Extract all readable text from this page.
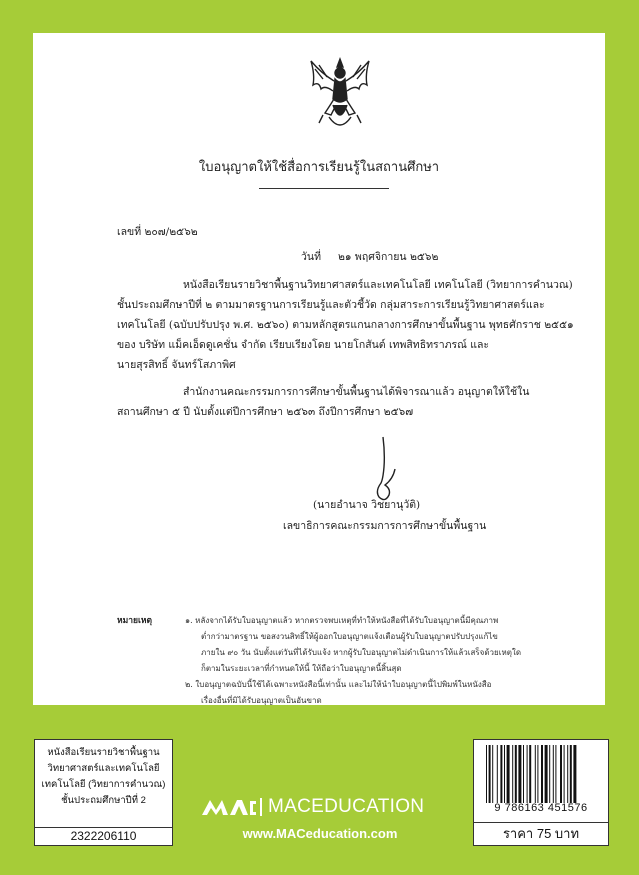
ใบอนุญาตให้ใช้สื่อการเรียนรู้ในสถานศึกษา
เลขที่ ๒๐๗/๒๕๖๒
วันที่ ๒๑ พฤศจิกายน ๒๕๖๒
หนังสือเรียนรายวิชาพื้นฐานวิทยาศาสตร์และเทคโนโลยี เทคโนโลยี (วิทยาการคำนวณ)
ชั้นประถมศึกษาปีที่ ๒ ตามมาตรฐานการเรียนรู้และตัวชี้วัด กลุ่มสาระการเรียนรู้วิทยาศาสตร์และ
เทคโนโลยี (ฉบับปรับปรุง พ.ศ. ๒๕๖๐) ตามหลักสูตรแกนกลางการศึกษาขั้นพื้นฐาน พุทธศักราช ๒๕๕๑
ของ บริษัท แม็คเอ็ดดูเคชั่น จำกัด เรียบเรียงโดย นายโกสันต์ เทพสิทธิทราภรณ์ และ
นายสุรสิทธิ์ จันทร์โสภาพิศ
สำนักงานคณะกรรมการการศึกษาขั้นพื้นฐานได้พิจารณาแล้ว อนุญาตให้ใช้ใน
สถานศึกษา ๕ ปี นับตั้งแต่ปีการศึกษา ๒๕๖๓ ถึงปีการศึกษา ๒๕๖๗
(นายอำนาจ วิชยานุวัติ)
เลขาธิการคณะกรรมการการศึกษาขั้นพื้นฐาน
หมายเหตุ	๑. หลังจากได้รับใบอนุญาตแล้ว หากตรวจพบเหตุที่ทำให้หนังสือที่ได้รับใบอนุญาตนี้มีคุณภาพ
ต่ำกว่ามาตรฐาน ขอสงวนสิทธิ์ให้ผู้ออกใบอนุญาตแจ้งเตือนผู้รับใบอนุญาตปรับปรุงแก้ไข
ภายใน ๙๐ วัน นับตั้งแต่วันที่ได้รับแจ้ง หากผู้รับใบอนุญาตไม่ดำเนินการให้แล้วเสร็จด้วยเหตุใด
ก็ตามในระยะเวลาที่กำหนดให้นี้ ให้ถือว่าใบอนุญาตนี้สิ้นสุด
๒. ใบอนุญาตฉบับนี้ใช้ได้เฉพาะหนังสือนี้เท่านั้น และไม่ให้นำใบอนุญาตนี้ไปพิมพ์ในหนังสือ
เรื่องอื่นที่มิได้รับอนุญาตเป็นอันขาด
หนังสือเรียนรายวิชาพื้นฐาน
วิทยาศาสตร์และเทคโนโลยี
เทคโนโลยี (วิทยาการคำนวณ)
ชั้นประถมศึกษาปีที่ 2
2322206110
MACEDUCATION
www.MACeducation.com
9 786163 451576
ราคา 75 บาท
